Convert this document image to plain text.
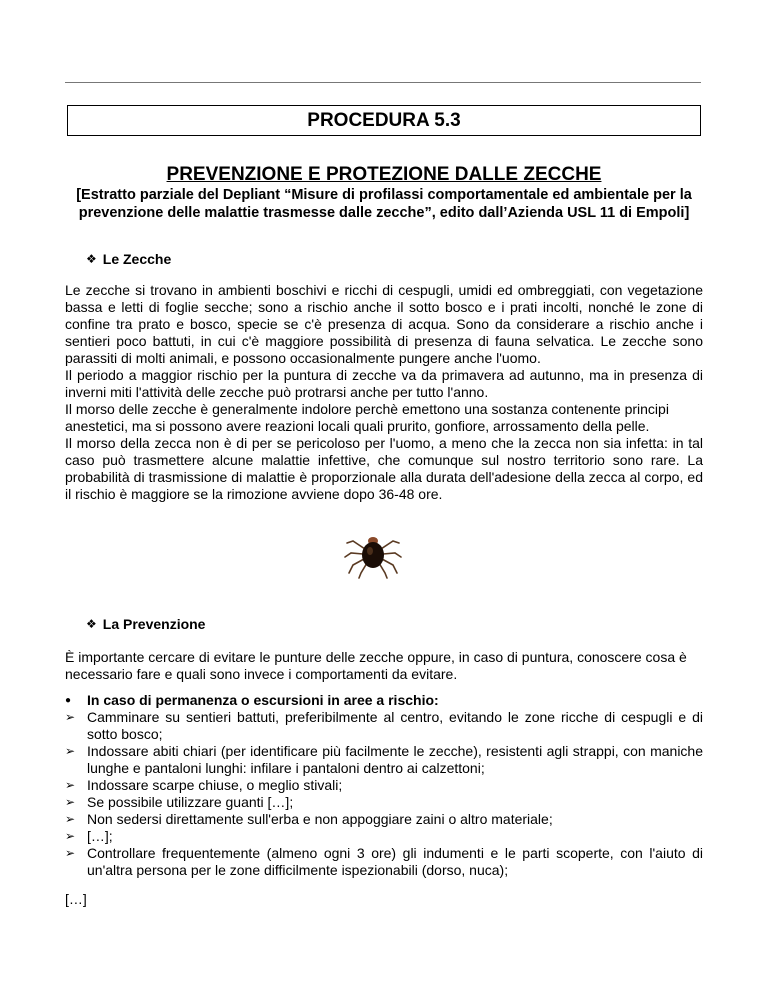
PROCEDURA 5.3
PREVENZIONE E PROTEZIONE DALLE ZECCHE

[Estratto parziale del Depliant “Misure di profilassi comportamentale ed ambientale per la prevenzione delle malattie trasmesse dalle zecche”, edito dall’Azienda USL 11 di Empoli]

❖ Le Zecche

Le zecche si trovano in ambienti boschivi e ricchi di cespugli, umidi ed ombreggiati, con vegetazione bassa e letti di foglie secche; sono a rischio anche il sotto bosco e i prati incolti, nonché le zone di confine tra prato e bosco, specie se c'è presenza di acqua. Sono da considerare a rischio anche i sentieri poco battuti, in cui c'è maggiore possibilità di presenza di fauna selvatica. Le zecche sono parassiti di molti animali, e possono occasionalmente pungere anche l'uomo.

Il periodo a maggior rischio per la puntura di zecche va da primavera ad autunno, ma in presenza di inverni miti l'attività delle zecche può protrarsi anche per tutto l'anno.

Il morso delle zecche è generalmente indolore perchè emettono una sostanza contenente principi anestetici, ma si possono avere reazioni locali quali prurito, gonfiore, arrossamento della pelle.

Il morso della zecca non è di per se pericoloso per l'uomo, a meno che la zecca non sia infetta: in tal caso può trasmettere alcune malattie infettive, che comunque sul nostro territorio sono rare. La probabilità di trasmissione di malattie è proporzionale alla durata dell'adesione della zecca al corpo, ed il rischio è maggiore se la rimozione avviene dopo 36-48 ore.

❖ La Prevenzione

È importante cercare di evitare le punture delle zecche oppure, in caso di puntura, conoscere cosa è necessario fare e quali sono invece i comportamenti da evitare.

●	In caso di permanenza o escursioni in aree a rischio:
➢ Camminare su sentieri battuti, preferibilmente al centro, evitando le zone ricche di cespugli e di sotto bosco;
➢ Indossare abiti chiari (per identificare più facilmente le zecche), resistenti agli strappi, con maniche lunghe e pantaloni lunghi: infilare i pantaloni dentro ai calzettoni;
➢ Indossare scarpe chiuse, o meglio stivali;
➢ Se possibile utilizzare guanti […];
➢ Non sedersi direttamente sull'erba e non appoggiare zaini o altro materiale;
➢ […];
➢ Controllare frequentemente (almeno ogni 3 ore) gli indumenti e le parti scoperte, con l'aiuto di un'altra persona per le zone difficilmente ispezionabili (dorso, nuca);

[…]
